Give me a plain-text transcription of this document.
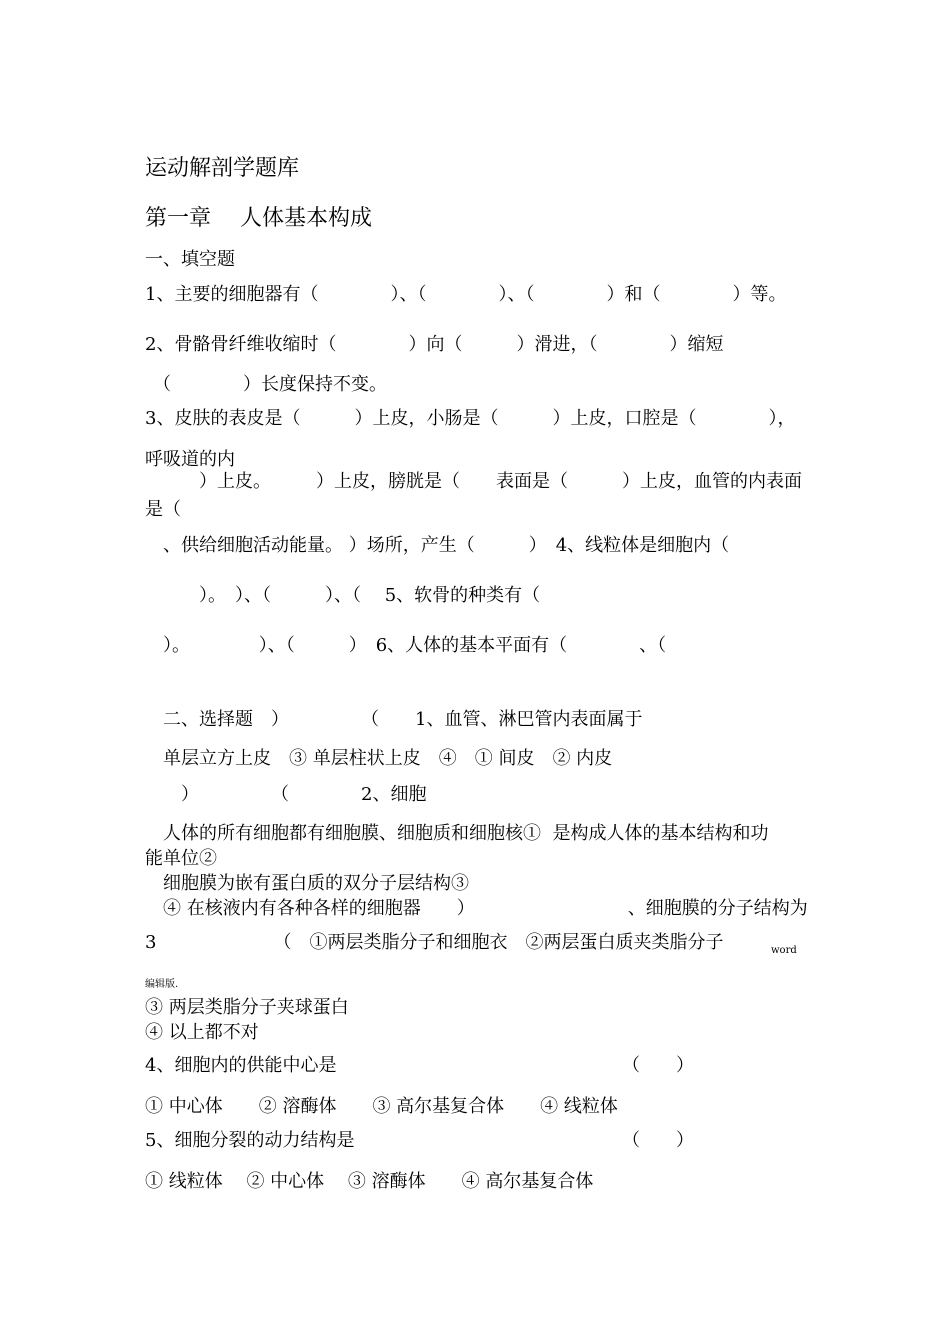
运动解剖学题库
第一章　 人体基本构成
一、填空题
1、主要的细胞器有（　　　　）、（　　　　）、（　　　　）和（　　　　）等。
2、骨骼骨纤维收缩时（　　　　）向（　　　）滑进，（　　　　）缩短
（　　　　）长度保持不变。
3、皮肤的表皮是（　　　）上皮，小肠是（　　　）上皮，口腔是（　　　　），
呼吸道的内
　　　）上皮。　　　）上皮，膀胱是（　　表面是（　　　）上皮，血管的内表面
是（
　、供给细胞活动能量。 ）场所，产生（　　　）　4、线粒体是细胞内（
　　　）。　）、（　　　）、（　 5、软骨的种类有（
　）。　　　　 ）、（　　　）　6、人体的基本平面有（　　　　、（
　二、选择题　）　　　　　（　　1、血管、淋巴管内表面属于
　单层立方上皮　③ 单层柱状上皮　④　① 间皮　② 内皮
　　）　　　　　（　　　　2、细胞
　人体的所有细胞都有细胞膜、细胞质和细胞核①  是构成人体的基本结构和功
能单位②
　细胞膜为嵌有蛋白质的双分子层结构③
　④ 在核液内有各种各样的细胞器　　）　　　　　　　　　、细胞膜的分子结构为
3　　　　　　　（　①两层类脂分子和细胞衣　②两层蛋白质夹类脂分子	word
编辑版.
③ 两层类脂分子夹球蛋白
④ 以上都不对
4、细胞内的供能中心是	（　　）
① 中心体　　② 溶酶体　　③ 高尔基复合体　　④ 线粒体
5、细胞分裂的动力结构是	（　　）
① 线粒体　 ② 中心体　 ③ 溶酶体　　④ 高尔基复合体
